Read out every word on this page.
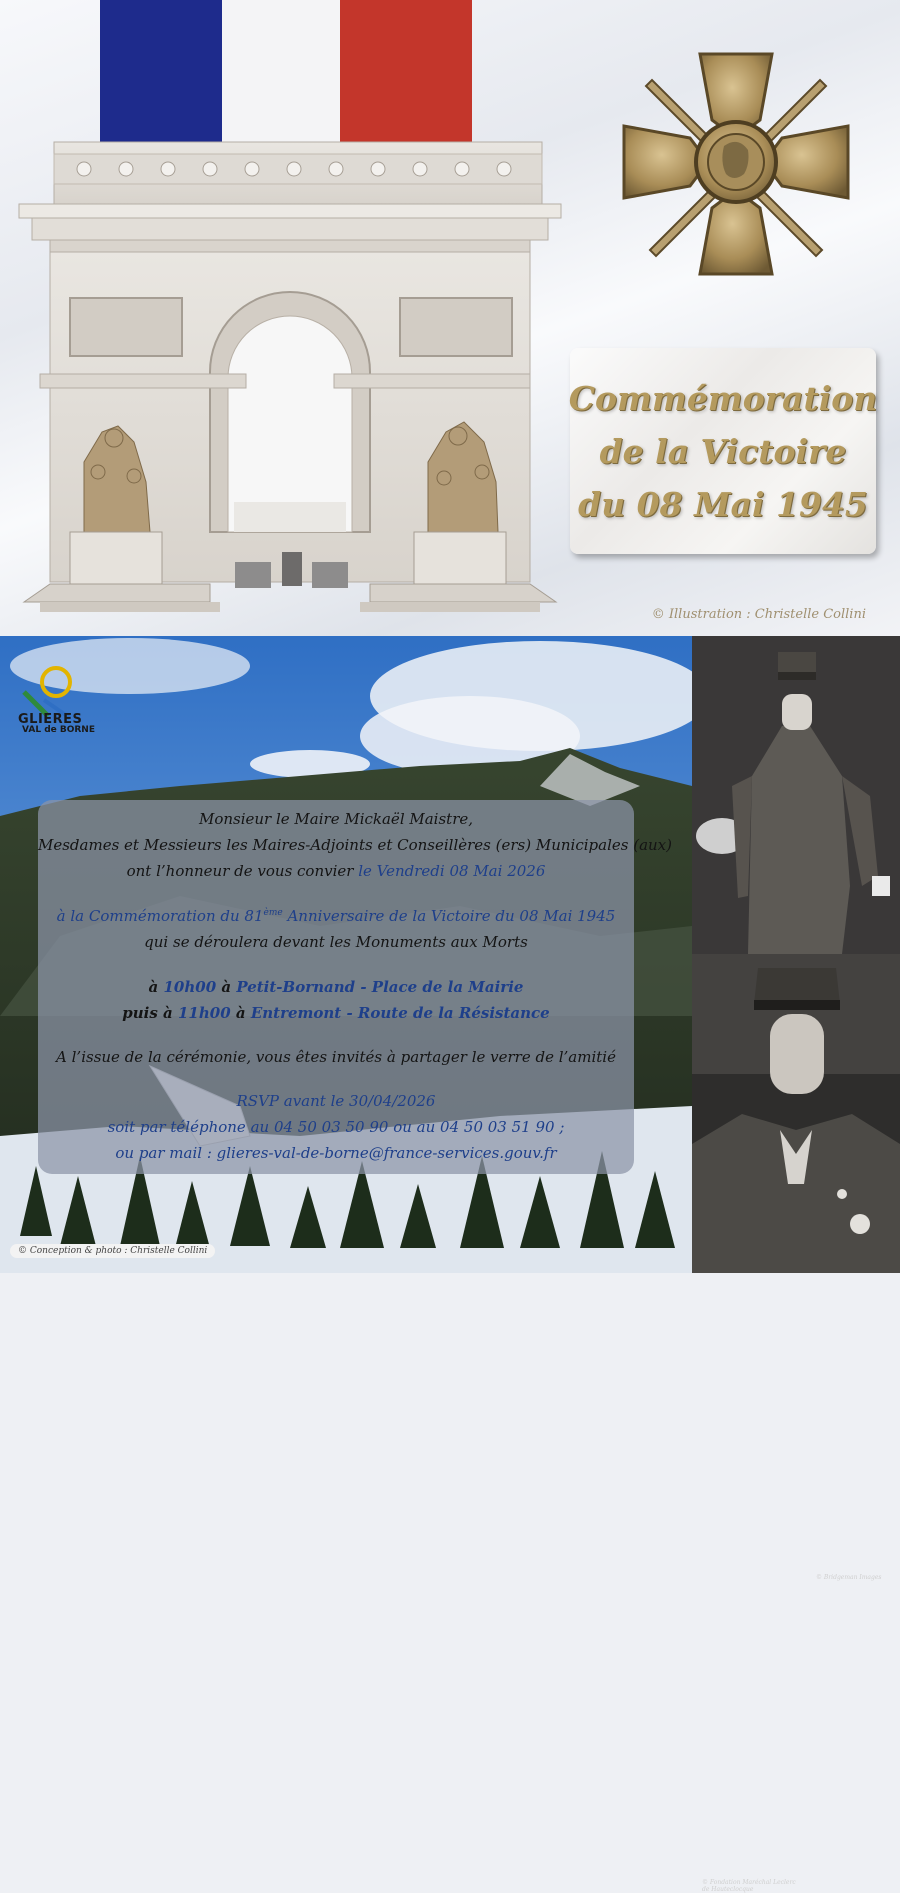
Commémoration
de la Victoire
du 08 Mai 1945
© Illustration : Christelle Collini
GLIERES
VAL de BORNE
Monsieur le Maire Mickaël Maistre,
Mesdames et Messieurs les Maires-Adjoints et Conseillères (ers) Municipales (aux)
ont l’honneur de vous convier le Vendredi 08 Mai 2026
à la Commémoration du 81ème Anniversaire de la Victoire du 08 Mai 1945
qui se déroulera devant les Monuments aux Morts
à 10h00 à Petit-Bornand - Place de la Mairie
puis à 11h00 à Entremont - Route de la Résistance
A l’issue de la cérémonie, vous êtes invités à partager le verre de l’amitié
RSVP avant le 30/04/2026
soit par téléphone au 04 50 03 50 90 ou au 04 50 03 51 90 ;
ou par mail : glieres-val-de-borne@france-services.gouv.fr
© Conception & photo : Christelle Collini
© Bridgeman Images
© Fondation Maréchal Leclerc
de Hauteclocque
